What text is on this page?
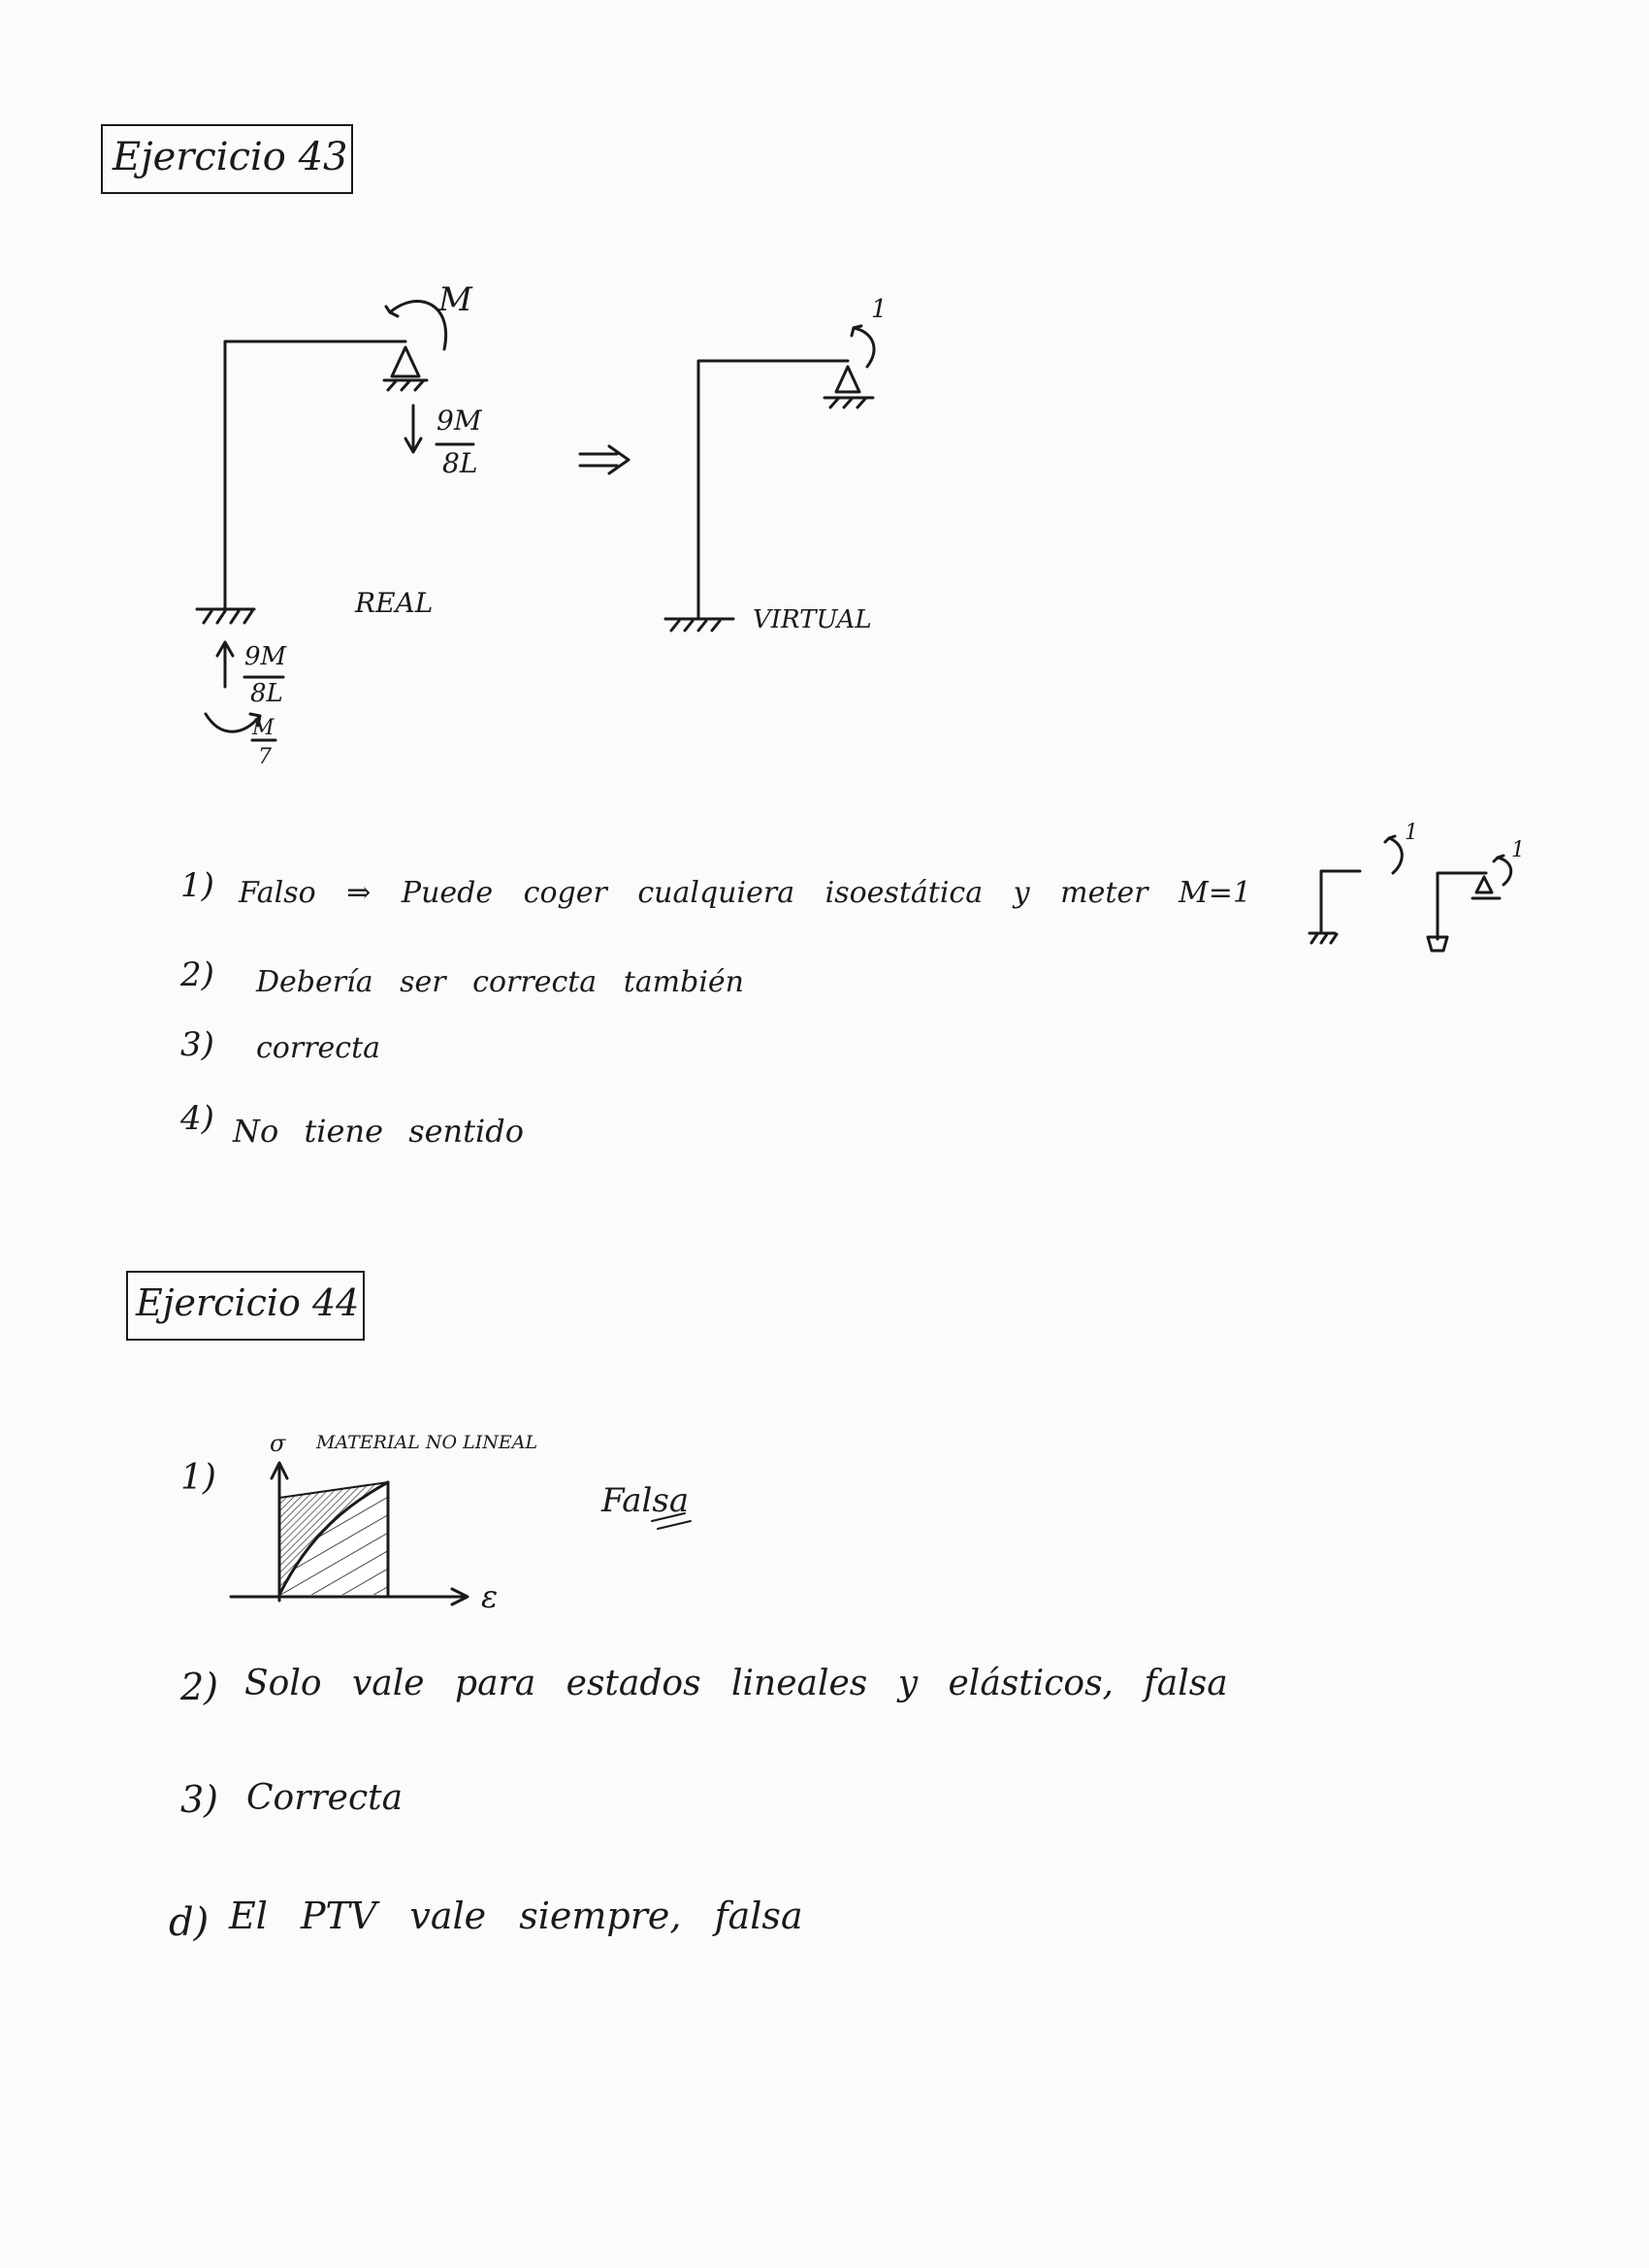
Ejercicio 43
M
9M
8L
9M
8L
M
7
REAL
1
VIRTUAL
1) Falso ⇒ Puede coger cualquiera isoestática y meter M=1
1
1
2) Debería ser correcta también
3) correcta
4) No tiene sentido
Ejercicio 44
1)
σ MATERIAL NO LINEAL
ε
Falsa
2) Solo vale para estados lineales y elásticos, falsa
3) Correcta
d) El PTV vale siempre, falsa
